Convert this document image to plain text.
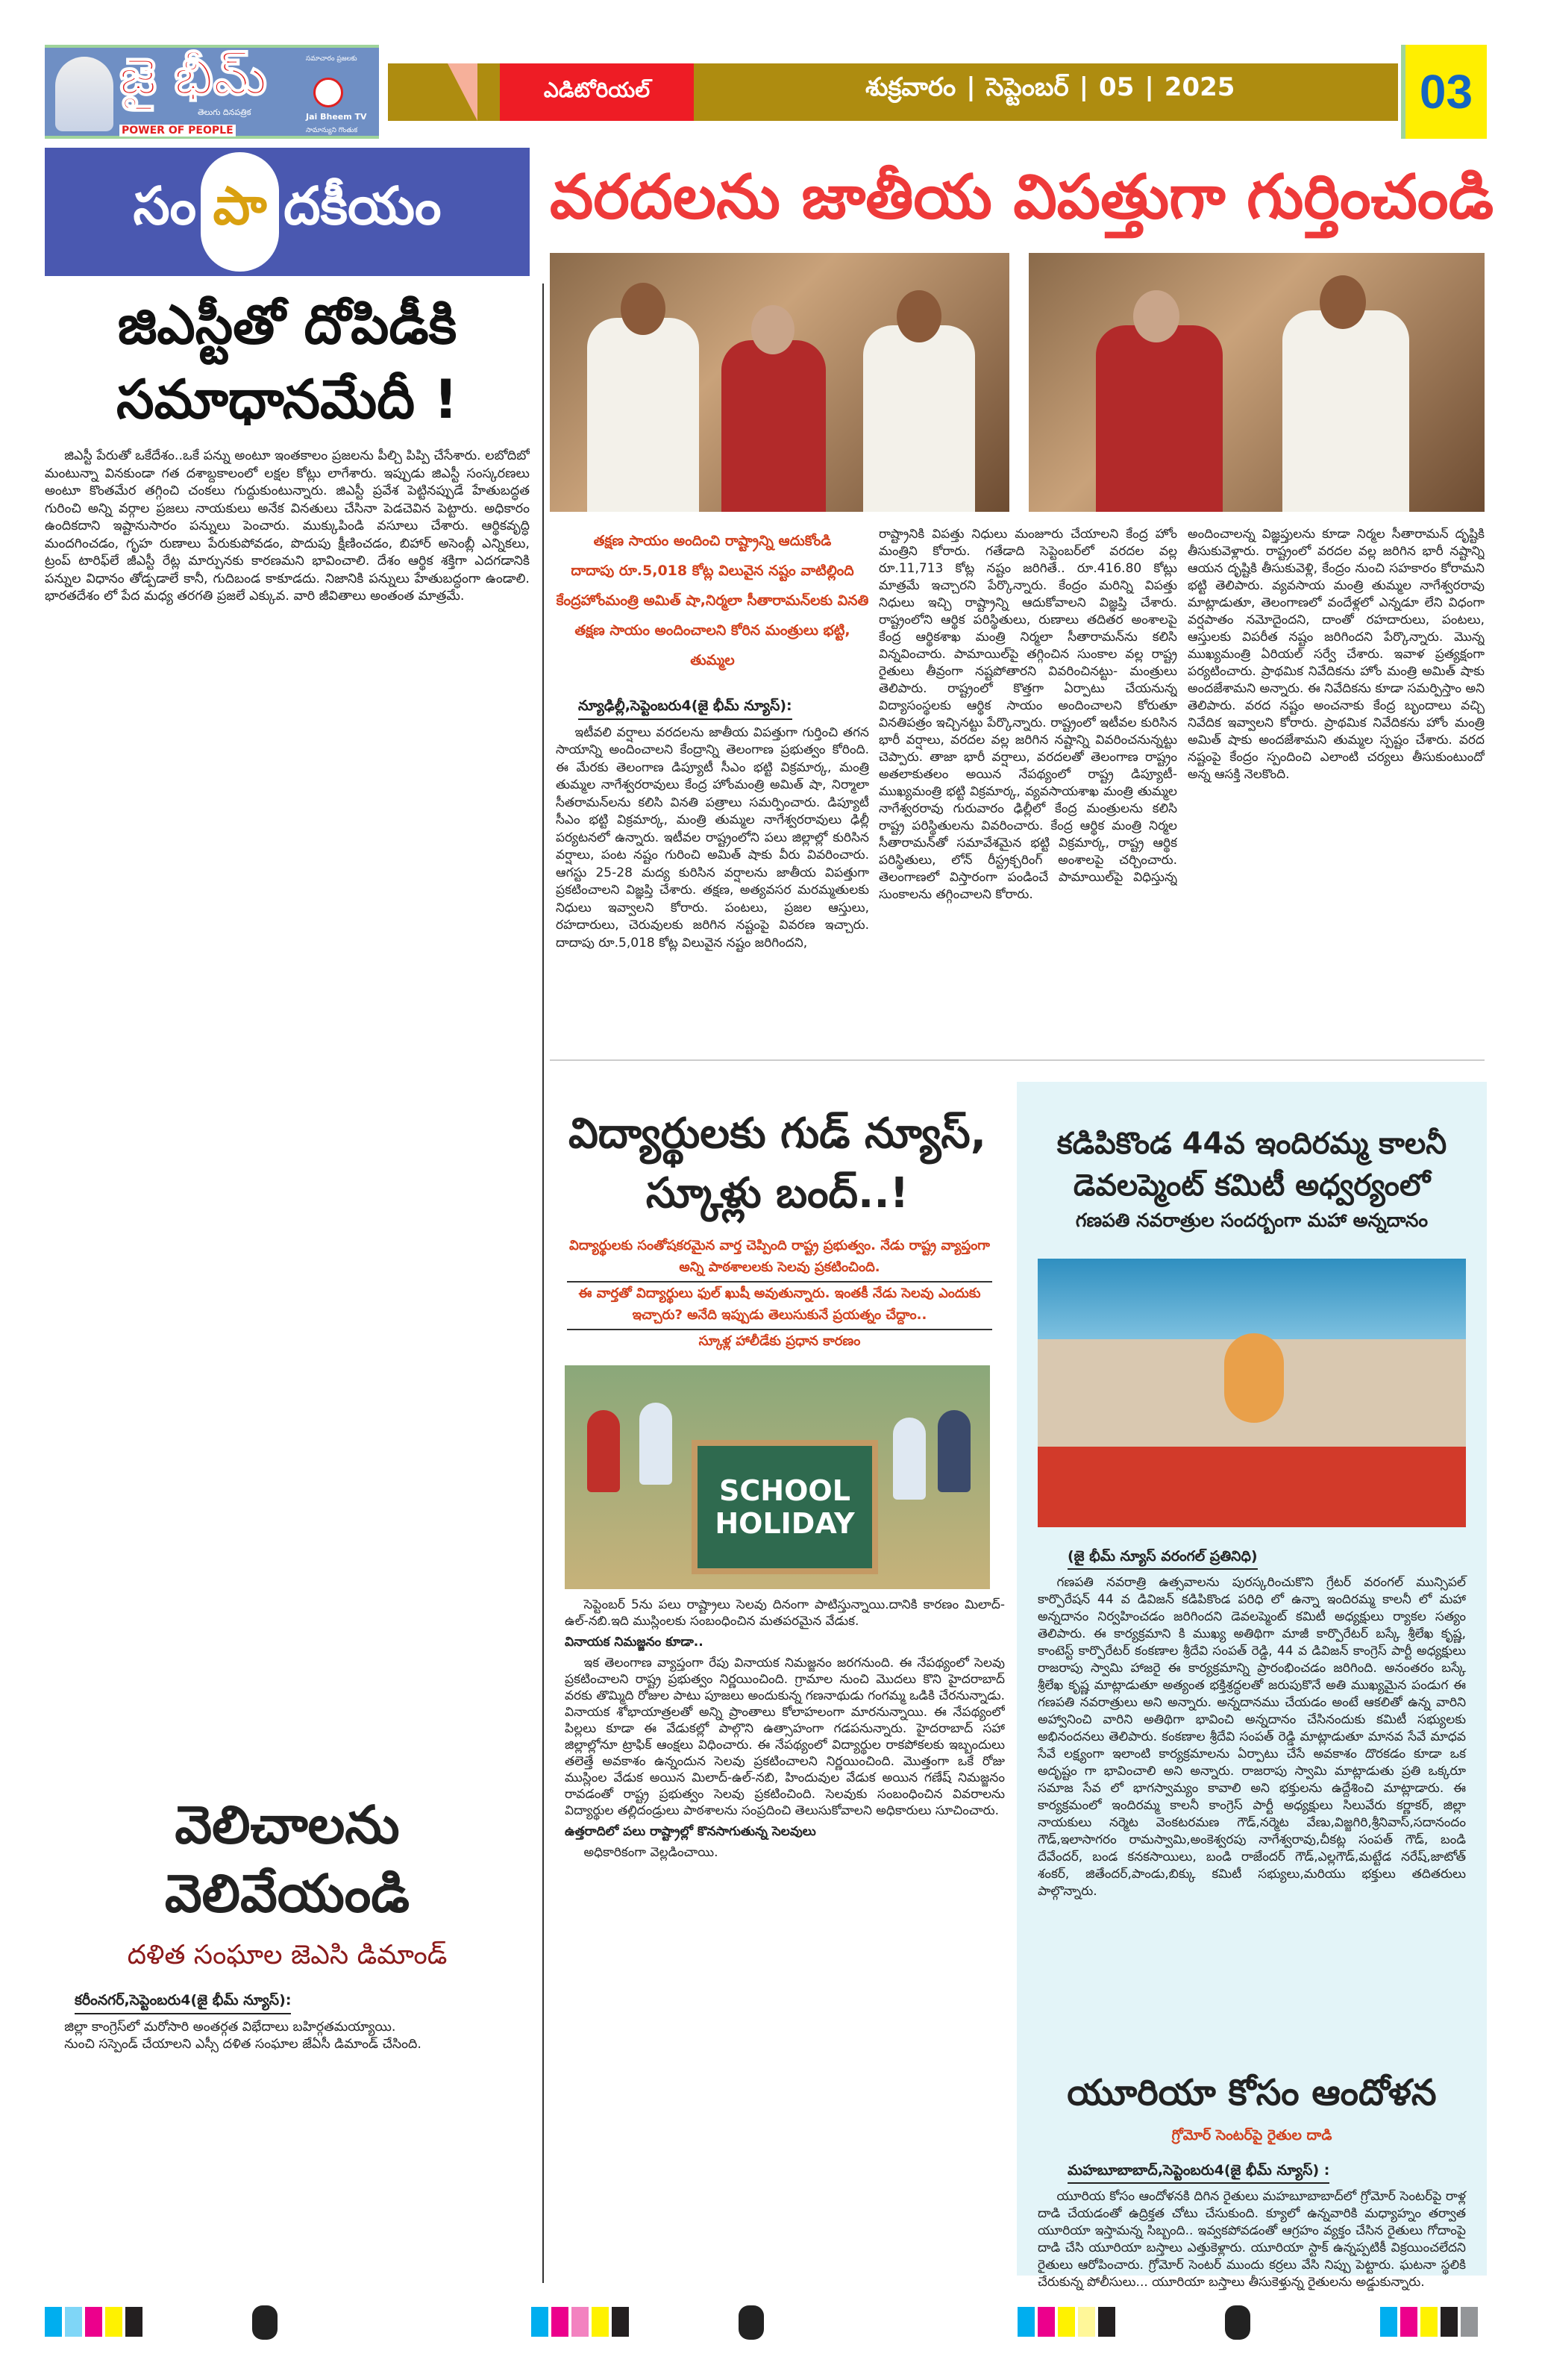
జై భీమ్
తెలుగు దినపత్రిక
POWER OF PEOPLE
సమాచారం ప్రజలకు
Jai Bheem TV
సామాన్యుని గొంతుక
ఎడిటోరియల్	శుక్రవారం | సెప్టెంబర్ | 05 | 2025	03
సం పా దకీయం
జిఎస్టీతో దోపిడీకి సమాధానమేదీ !

జిఎస్టీ పేరుతో ఒకేదేశం..ఒకే పన్ను అంటూ ఇంతకాలం ప్రజలను పీల్చి పిప్పి చేసేశారు. లబోదిబో మంటున్నా వినకుండా గత దశాబ్దకాలంలో లక్షల కోట్లు లాగేశారు. ఇప్పుడు జిఎస్టీ సంస్కరణలు అంటూ కొంతమేర తగ్గించి చంకలు గుద్దుకుంటున్నారు. జిఎస్టీ ప్రవేశ పెట్టినప్పుడే హేతుబద్ధత గురించి అన్ని వర్గాల ప్రజలు నాయకులు అనేక వినతులు చేసినా పెడచెవిన పెట్టారు. అధికారం ఉందికదాని ఇష్టానుసారం పన్నులు పెంచారు. ముక్కుపిండి వసూలు చేశారు. ఆర్థికవృద్ధి మందగించడం, గృహ రుణాలు పేరుకుపోవడం, పొదుపు క్షీణించడం, బిహార్ అసెంబ్లీ ఎన్నికలు, ట్రంప్ టారిఫ్‌లే జీఎస్టీ రేట్ల మార్పునకు కారణమని భావించాలి. దేశం ఆర్థిక శక్తిగా ఎదగడానికి పన్నుల విధానం తోడ్పడాలే కానీ, గుదిబండ కాకూడదు. నిజానికి పన్నులు హేతుబద్ధంగా ఉండాలి. భారతదేశం లో పేద మధ్య తరగతి ప్రజలే ఎక్కువ. వారి జీవితాలు అంతంత మాత్రమే.

వెలిచాలను వెలివేయండి
దళిత సంఘాల జెఎసి డిమాండ్
కరీంనగర్,సెప్టెంబరు4(జై భీమ్ న్యూస్):

జిల్లా కాంగ్రెస్‌లో మరోసారి అంతర్గత విభేదాలు బహిర్గతమయ్యాయి.

నుంచి సస్పెండ్ చేయాలని ఎస్సీ దళిత సంఘాల జేఏసీ డిమాండ్ చేసింది.

వరదలను జాతీయ విపత్తుగా గుర్తించండి
తక్షణ సాయం అందించి రాష్ట్రాన్ని ఆదుకోండి
దాదాపు రూ.5,018 కోట్ల విలువైన నష్టం వాటిల్లింది
కేంద్రహోంమంత్రి అమిత్ షా,నిర్మలా సీతారామన్‌లకు వినతి
తక్షణ సాయం అందించాలని కోరిన మంత్రులు భట్టి, తుమ్మల
న్యూఢిల్లీ,సెప్టెంబరు4(జై భీమ్ న్యూస్):

ఇటీవలి వర్షాలు వరదలను జాతీయ విపత్తుగా గుర్తించి తగన సాయాన్ని అందించాలని కేంద్రాన్ని తెలంగాణ ప్రభుత్వం కోరింది. ఈ మేరకు తెలంగాణ డిప్యూటీ సీఎం భట్టి విక్రమార్క, మంత్రి తుమ్మల నాగేశ్వరరావులు కేంద్ర హోంమంత్రి అమిత్ షా, నిర్మాలా సీతరామన్‌లను కలిసి వినతి పత్రాలు సమర్పించారు. డిప్యూటీ సీఎం భట్టి విక్రమార్క, మంత్రి తుమ్మల నాగేశ్వరరావులు ఢిల్లీ పర్యటనలో ఉన్నారు. ఇటీవల రాష్ట్రంలోని పలు జిల్లాల్లో కురిసిన వర్షాలు, పంట నష్టం గురించి అమిత్ షాకు వీరు వివరించారు. ఆగస్టు 25-28 మద్య కురిసిన వర్షాలను జాతీయ విపత్తుగా ప్రకటించాలని విజ్ఞప్తి చేశారు. తక్షణ, అత్యవసర మరమ్మతులకు నిధులు ఇవ్వాలని కోరారు. పంటలు, ప్రజల ఆస్తులు, రహదారులు, చెరువులకు జరిగిన నష్టంపై వివరణ ఇచ్చారు. దాదాపు రూ.5,018 కోట్ల విలువైన నష్టం జరిగిందని,

రాష్ట్రానికి విపత్తు నిధులు మంజూరు చేయాలని కేంద్ర హోం మంత్రిని కోరారు. గతేడాది సెప్టెంబర్‌లో వరదల వల్ల రూ.11,713 కోట్ల నష్టం జరిగితే.. రూ.416.80 కోట్లు మాత్రమే ఇచ్చారని పేర్కొన్నారు. కేంద్రం మరిన్ని విపత్తు నిధులు ఇచ్చి రాష్ట్రాన్ని ఆదుకోవాలని విజ్ఞప్తి చేశారు. రాష్ట్రంలోని ఆర్థిక పరిస్థితులు, రుణాలు తదితర అంశాలపై కేంద్ర ఆర్థికశాఖ మంత్రి నిర్మలా సీతారామన్‌ను కలిసి విన్నవించారు. పామాయిల్‌పై తగ్గించిన సుంకాల వల్ల రాష్ట్ర రైతులు తీవ్రంగా నష్టపోతారని వివరించినట్టు- మంత్రులు తెలిపారు. రాష్ట్రంలో కొత్తగా ఏర్పాటు చేయనున్న విద్యాసంస్థలకు ఆర్థిక సాయం అందించాలని కోరుతూ వినతిపత్రం ఇచ్చినట్టు పేర్కొన్నారు. రాష్ట్రంలో ఇటీవల కురిసిన భారీ వర్షాలు, వరదల వల్ల జరిగిన నష్టాన్ని వివరించనున్నట్టు చెప్పారు. తాజా భారీ వర్షాలు, వరదలతో తెలంగాణ రాష్ట్రం అతలాకుతలం అయిన నేపథ్యంలో రాష్ట్ర డిప్యూటీ- ముఖ్యమంత్రి భట్టి విక్రమార్క, వ్యవసాయశాఖ మంత్రి తుమ్మల నాగేశ్వరరావు గురువారం ఢిల్లీలో కేంద్ర మంత్రులను కలిసి రాష్ట్ర పరిస్థితులను వివరించారు. కేంద్ర ఆర్థిక మంత్రి నిర్మల సీతారామన్‌తో సమావేశమైన భట్టి విక్రమార్క, రాష్ట్ర ఆర్థిక పరిస్థితులు, లోన్ రీస్ట్రక్చరింగ్ అంశాలపై చర్చించారు. తెలంగాణలో విస్తారంగా పండించే పామాయిల్‌పై విధిస్తున్న సుంకాలను తగ్గించాలని కోరారు.

అందించాలన్న విజ్ఞప్తులను కూడా నిర్మల సీతారామన్ దృష్టికి తీసుకువెళ్లారు. రాష్ట్రంలో వరదల వల్ల జరిగిన భారీ నష్టాన్ని ఆయన దృష్టికి తీసుకువెళ్లి, కేంద్రం నుంచి సహకారం కోరామని భట్టి తెలిపారు. వ్యవసాయ మంత్రి తుమ్మల నాగేశ్వరరావు మాట్లాడుతూ, తెలంగాణలో వందేళ్లలో ఎన్నడూ లేని విధంగా వర్షపాతం నమోదైందని, దాంతో రహదారులు, పంటలు, ఆస్తులకు విపరీత నష్టం జరిగిందని పేర్కొన్నారు. మొన్న ముఖ్యమంత్రి ఏరియల్ సర్వే చేశారు. ఇవాళ ప్రత్యక్షంగా పర్యటించారు. ప్రాథమిక నివేదికను హోం మంత్రి అమిత్ షాకు అందజేశామని అన్నారు. ఈ నివేదికను కూడా సమర్పిస్తాం అని తెలిపారు. వరద నష్టం అంచనాకు కేంద్ర బృందాలు వచ్చి నివేదిక ఇవ్వాలని కోరారు. ప్రాథమిక నివేదికను హోం మంత్రి అమిత్ షాకు అందజేశామని తుమ్మల స్పష్టం చేశారు. వరద నష్టంపై కేంద్రం స్పందించి ఎలాంటి చర్యలు తీసుకుంటుందో అన్న ఆసక్తి నెలకొంది.

విద్యార్థులకు గుడ్ న్యూస్, స్కూళ్లు బంద్..!
విద్యార్థులకు సంతోషకరమైన వార్త చెప్పింది రాష్ట్ర ప్రభుత్వం. నేడు రాష్ట్ర వ్యాప్తంగా అన్ని పాఠశాలలకు సెలవు ప్రకటించింది.
ఈ వార్తతో విద్యార్థులు ఫుల్ ఖుషీ అవుతున్నారు. ఇంతకీ నేడు సెలవు ఎందుకు ఇచ్చారు? అనేది ఇప్పుడు తెలుసుకునే ప్రయత్నం చేద్దాం..
స్కూళ్ల హాలీడేకు ప్రధాన కారణం
SCHOOL
HOLIDAY

సెప్టెంబర్ 5ను పలు రాష్ట్రాలు సెలవు దినంగా పాటిస్తున్నాయి.దానికి కారణం మిలాద్-ఉల్-నబి.ఇది ముస్లింలకు సంబంధించిన మతపరమైన వేడుక.

వినాయక నిమజ్జనం కూడా..

ఇక తెలంగాణ వ్యాప్తంగా రేపు వినాయక నిమజ్జనం జరగనుంది. ఈ నేపథ్యంలో సెలవు ప్రకటించాలని రాష్ట్ర ప్రభుత్వం నిర్ణయించింది. గ్రామాల నుంచి మొదలు కొని హైదరాబాద్ వరకు తొమ్మిది రోజుల పాటు పూజలు అందుకున్న గణనాథుడు గంగమ్మ ఒడికి చేరనున్నాడు. వినాయక శోభాయాత్రలతో అన్ని ప్రాంతాలు కోలాహలంగా మారనున్నాయి. ఈ నేపథ్యంలో పిల్లలు కూడా ఈ వేడుకల్లో పాల్గొని ఉత్సాహంగా గడపనున్నారు. హైదరాబాద్ సహా జిల్లాల్లోనూ ట్రాఫిక్ ఆంక్షలు విధించారు. ఈ నేపథ్యంలో విద్యార్థుల రాకపోకలకు ఇబ్బందులు తలెత్తే అవకాశం ఉన్నందున సెలవు ప్రకటించాలని నిర్ణయించింది. మొత్తంగా ఒకే రోజు ముస్లింల వేడుక అయిన మిలాద్-ఉల్-నబి, హిందువుల వేడుక అయిన గణేష్ నిమజ్జనం రావడంతో రాష్ట్ర ప్రభుత్వం సెలవు ప్రకటించింది. సెలవుకు సంబంధించిన వివరాలను విద్యార్థుల తల్లిదండ్రులు పాఠశాలను సంప్రదించి తెలుసుకోవాలని అధికారులు సూచించారు.

ఉత్తరాదిలో పలు రాష్ట్రాల్లో కొనసాగుతున్న సెలవులు

అధికారికంగా వెల్లడించాయి.

కడిపికొండ 44వ ఇందిరమ్మ కాలనీ డెవలప్మెంట్ కమిటీ అధ్వర్యంలో
గణపతి నవరాత్రుల సందర్బంగా మహా అన్నదానం
(జై భీమ్ న్యూస్ వరంగల్ ప్రతినిధి)

గణపతి నవరాత్రి ఉత్సవాలను పురస్కరించుకొని గ్రేటర్ వరంగల్ మున్సిపల్ కార్పొరేషన్ 44 వ డివిజన్ కడిపికొండ పరిధి లో ఉన్నా ఇందిరమ్మ కాలనీ లో మహా అన్నదానం నిర్వహించడం జరిగిందని డెవలప్మెంట్ కమిటీ అధ్యక్షులు ర్యాకల సత్యం తెలిపారు. ఈ కార్యక్రమాని కి ముఖ్య అతిథిగా మాజీ కార్పొరేటర్ బస్కే శ్రీలేఖ కృష్ణ, కాంటెస్ట్ కార్పొరేటర్ కంకణాల శ్రీదేవి సంపత్ రెడ్డి, 44 వ డివిజన్ కాంగ్రెస్ పార్టీ అధ్యక్షులు రాజరాపు స్వామి హాజరై ఈ కార్యక్రమాన్ని ప్రారంభించడం జరిగింది. అనంతరం బస్కే శ్రీలేఖ కృష్ణ మాట్లాడుతూ అత్యంత భక్తిశ్రద్ధలతో జరుపుకొనే అతి ముఖ్యమైన పండుగ ఈ గణపతి నవరాత్రులు అని అన్నారు. అన్నదానము చేయడం అంటే ఆకలితో ఉన్న వారిని అహ్వానించి వారిని అతిథిగా భావించి అన్నదానం చేసినందుకు కమిటీ సభ్యులకు అభినందనలు తెలిపారు. కంకణాల శ్రీదేవి సంపత్ రెడ్డి మాట్లాడుతూ మానవ సేవే మాధవ సేవే లక్ష్యంగా ఇలాంటి కార్యక్రమాలను ఏర్పాటు చేసే అవకాశం దొరకడం కూడా ఒక అదృష్టం గా భావించాలి అని అన్నారు. రాజరాపు స్వామి మాట్లాడుతు ప్రతి ఒక్కరూ సమాజ సేవ లో భాగస్వామ్యం కావాలి అని భక్తులను ఉద్దేశించి మాట్లాడారు. ఈ కార్యక్రమంలో ఇందిరమ్మ కాలనీ కాంగ్రెస్ పార్టీ అధ్యక్షులు సిలువేరు కర్ణాకర్, జిల్లా నాయకులు నర్మెట వెంకటరమణ గౌడ్,నర్మెట వేణు,విజ్జగిరి,శ్రీనివాస్,సదానందం గౌడ్,ఇలాసాగరం రామస్వామి,అంకెశ్వరపు నాగేశ్వరావు,చీకట్ల సంపత్ గౌడ్, బండి దేవేందర్, బండ కనకసాయిలు, బండి రాజేందర్ గౌడ్,ఎల్లగౌడ్,మట్టేడ నరేష్,జాటోత్ శంకర్, జితేందర్,పాండు,బిక్కు కమిటీ సభ్యులు,మరియు భక్తులు తదితరులు పాల్గొన్నారు.

యూరియా కోసం ఆందోళన
గ్రోమోర్ సెంటర్‌పై రైతుల దాడి
మహబూబాబాద్,సెప్టెంబరు4(జై భీమ్ న్యూస్) :

యూరియ కోసం ఆందోళనకి దిగిన రైతులు మహబూబాబాద్‌లో గ్రోమోర్ సెంటర్‌పై రాళ్ల దాడి చేయడంతో ఉద్రిక్తత చోటు చేసుకుంది. క్యూలో ఉన్నవారికి మధ్యాహ్నం తర్వాత యూరియా ఇస్తామన్న సిబ్బంది.. ఇవ్వకపోవడంతో ఆగ్రహం వ్యక్తం చేసిన రైతులు గోదాంపై దాడి చేసి యూరియా బస్తాలు ఎత్తుకెళ్లారు. యూరియా స్టాక్ ఉన్నప్పటికీ విక్రయించలేదని రైతులు ఆరోపించారు. గ్రోమోర్ సెంటర్ ముందు కర్రలు వేసి నిప్పు పెట్టారు. ఘటనా స్థలికి చేరుకున్న పోలీసులు... యూరియా బస్తాలు తీసుకెళ్తున్న రైతులను అడ్డుకున్నారు.
